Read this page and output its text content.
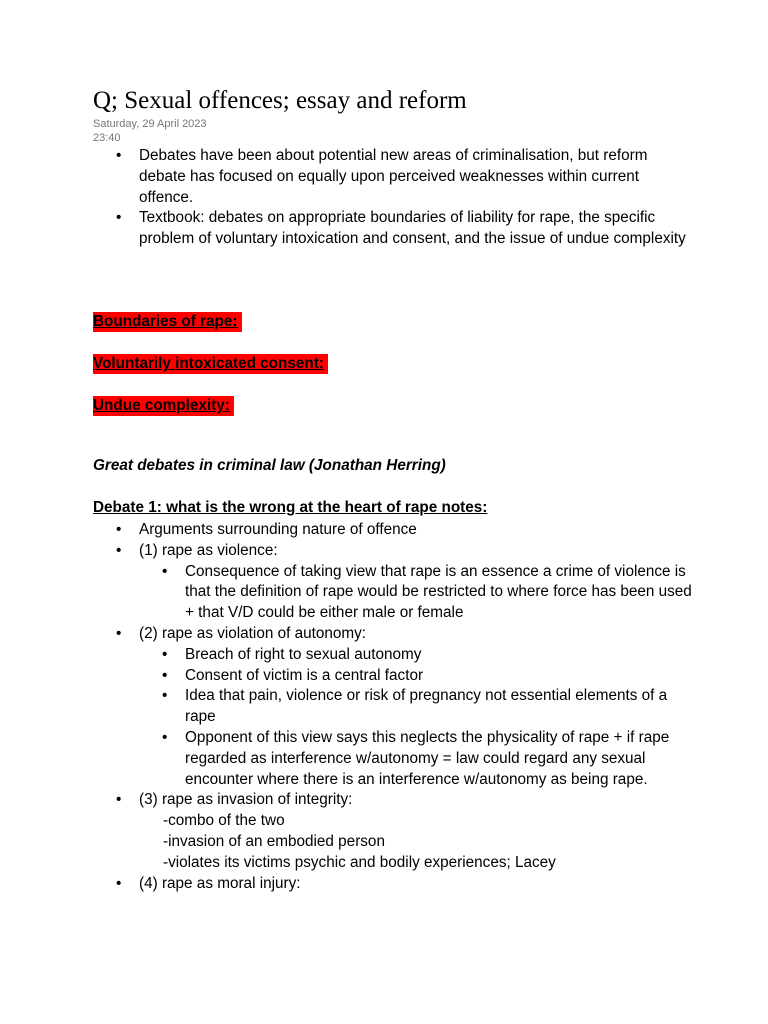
Q; Sexual offences; essay and reform
Saturday, 29 April 2023
23:40
• Debates have been about potential new areas of criminalisation, but reform debate has focused on equally upon perceived weaknesses within current offence.
• Textbook: debates on appropriate boundaries of liability for rape, the specific problem of voluntary intoxication and consent, and the issue of undue complexity
Boundaries of rape:
Voluntarily intoxicated consent:
Undue complexity:
Great debates in criminal law (Jonathan Herring)
Debate 1: what is the wrong at the heart of rape notes:
• Arguments surrounding nature of offence
• (1) rape as violence:
• Consequence of taking view that rape is an essence a crime of violence is that the definition of rape would be restricted to where force has been used + that V/D could be either male or female
• (2) rape as violation of autonomy:
• Breach of right to sexual autonomy
• Consent of victim is a central factor
• Idea that pain, violence or risk of pregnancy not essential elements of a rape
• Opponent of this view says this neglects the physicality of rape + if rape regarded as interference w/autonomy = law could regard any sexual encounter where there is an interference w/autonomy as being rape.
• (3) rape as invasion of integrity:
-combo of the two
-invasion of an embodied person
-violates its victims psychic and bodily experiences; Lacey
• (4) rape as moral injury:
